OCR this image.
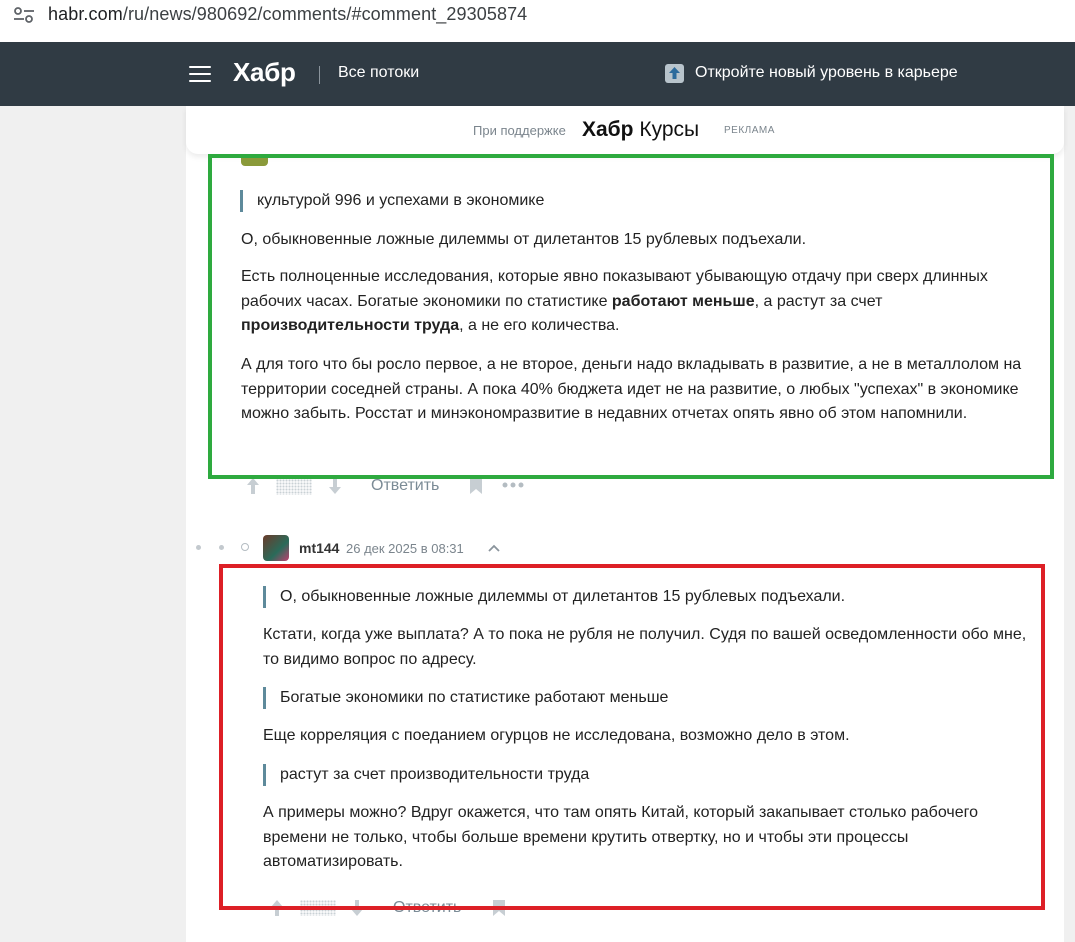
habr.com/ru/news/980692/comments/#comment_29305874
Хабр	Все потоки	Откройте новый уровень в карьере
При поддержке Хабр Курсы РЕКЛАМА
культурой 996 и успехами в экономике
О, обыкновенные ложные дилеммы от дилетантов 15 рублевых подъехали.
Есть полноценные исследования, которые явно показывают убывающую отдачу при сверх длинных рабочих часах. Богатые экономики по статистике работают меньше, а растут за счет производительности труда, а не его количества.
А для того что бы росло первое, а не второе, деньги надо вкладывать в развитие, а не в металлолом на территории соседней страны. А пока 40% бюджета идет не на развитие, о любых "успехах" в экономике можно забыть. Росстат и минэкономразвитие в недавних отчетах опять явно об этом напомнили.
Ответить
mt144 26 дек 2025 в 08:31
О, обыкновенные ложные дилеммы от дилетантов 15 рублевых подъехали.
Кстати, когда уже выплата? А то пока не рубля не получил. Судя по вашей осведомленности обо мне, то видимо вопрос по адресу.
Богатые экономики по статистике работают меньше
Еще корреляция с поеданием огурцов не исследована, возможно дело в этом.
растут за счет производительности труда
А примеры можно? Вдруг окажется, что там опять Китай, который закапывает столько рабочего времени не только, чтобы больше времени крутить отвертку, но и чтобы эти процессы автоматизировать.
Ответить
